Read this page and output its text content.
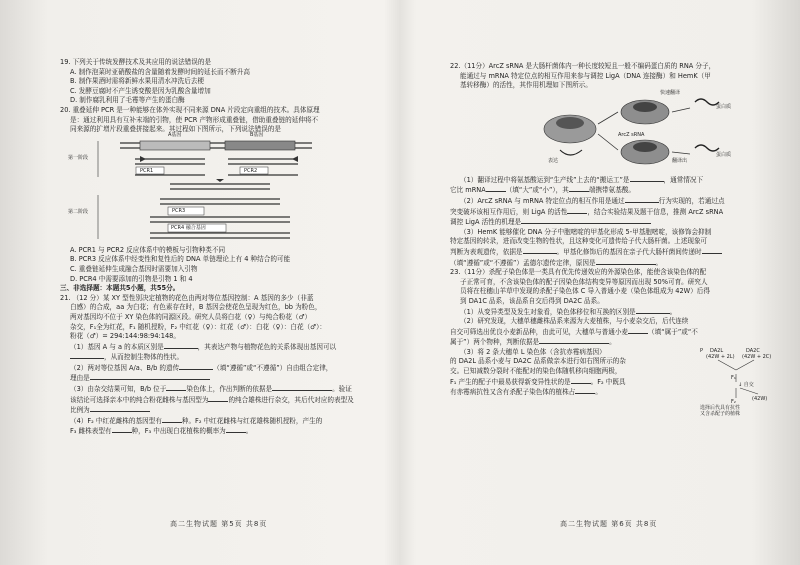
19. 下列关于传统发酵技术及其应用的说法错误的是

A. 制作泡菜时亚硝酸盐的含量随着发酵时间的延长而不断升高

B. 制作果酒时需将新鲜水果用清水冲洗后去梗

C. 发酵豆腐时不产生诱变酸是因为乳酸含量增加

D. 制作腐乳利用了毛霉等产生的蛋白酶

20. 重叠延伸 PCR 是一种能够在体外实现不同来源 DNA 片段定向重组的技术。具体原理

是：通过利用具有互补末端的引物，使 PCR 产物形成重叠链，借助重叠链的延伸将不

同来源的扩增片段重叠拼接起来。其过程如下图所示，下列说法错误的是

A基因	B基因
第一阶段
第二阶段
PCR1	PCR2
PCR3
PCR4 融合基因

A. PCR1 与 PCR2 反应体系中的模板与引物种类不同

B. PCR3 反应体系中经变性和复性后的 DNA 单链理论上有 4 种结合的可能

C. 重叠链延伸生成融合基因时需要加入引物

D. PCR4 中需要添加的引物是引物 1 和 4

三、非选择题：本题共5小题，共55分。

21. （12 分）某 XY 型性别决定植物的花色由两对等位基因控制：A 基因的多少（非蓝

白感）的合成，aa 为白花；有色素存在时，B 基因会使花色呈现为红色，bb 为粉色，

两对基因均不位于 XY 染色体的同源区段。研究人员将白花（♀）与纯合粉花（♂）

杂交，F₁全为红花，F₁ 随机授粉，F₂ 中红花（♀）：红花（♂）：白花（♀）：白花（♂）：

粉花（♂）= 294:144:98:94:148。

（1）基因 A 与 a 的本质区别是	，其表达产物与植物花色的关系体现出基因可以

，从而控制生物体的性状。

（2）两对等位基因 A/a、B/b 的遗传	（填“遵循”或“不遵循”）自由组合定律，

理由是

（3）由杂交结果可知，B/b 位于	染色体上，作出判断的依据是	。验证

该结论可选择亲本中的纯合粉花雌株与基因型为	的纯合雄株进行杂交，其后代对应的表型及

比例为

（4）F₂ 中红花雌株的基因型有	种。F₂ 中红花雌株与红花雄株随机授粉，产生的

F₃ 雌株表型有	种，F₃ 中出现白花植株的概率为	。

高二生物试题 第5页 共8页

22.（11分）ArcZ sRNA 是大肠杆菌体内一种长度较短且一般不编码蛋白质的 RNA 分子，

能通过与 mRNA 特定位点的相互作用来参与调控 LigA（DNA 连接酶）和 HemK（甲

基转移酶）的活性，其作用机理如下图所示。

快速翻译
蛋白质
ArcZ sRNA
表达	翻译出
蛋白质

（1）翻译过程中将氨基酸运到“生产线”上去的“搬运工”是	，通常情况下

它比 mRNA	（填“大”或“小”），其	端携带氨基酸。

（2）ArcZ sRNA 与 mRNA 特定位点的相互作用是通过	行为实现的，若通过点

突变破坏该相互作用后，则 LigA 的活性	，结合实验结果及题干信息，推测 ArcZ sRNA

调控 LigA 活性的机理是

（3）HemK 能够催化 DNA 分子中胞嘧啶的甲基化形成 5-甲基胞嘧啶，该修饰会抑制

特定基因的转录，进而改变生物的性状，且这种变化可遗传给子代大肠杆菌。上述现象可

判断为表观遗传，依据是	。甲基化修饰后的基因在亲子代大肠杆菌间传递时

（填“遵循”或“不遵循”）孟德尔遗传定律，原因是	。

23.（11分）杀配子染色体是一类具有优先传递效应的外源染色体，能使含该染色体的配

子正常可育，不含该染色体的配子因染色体结构变异等原因而出现 50%可育。研究人

员将在柱穗山羊草中发现的杀配子染色体 C 导入普通小麦（染色体组成为 42W）后得

到 DA1C 品系，该品系自交后得到 DA2C 品系。

（1）从变异类型及发生对象看，染色体移位和互换的区别是	。

（2）研究发现，大穗单穗雌株品系来源为大麦植株，与小麦杂交后，后代连续

自交可筛选出优良小麦新品种，由此可见，大穗单与普通小麦	（填“属于”或“不

属于”）两个物种，判断依据是	。

（3）将 2 条大穗单 L 染色体（含抗赤霉病基因）

的 DA2L 品系小麦与 DA2C 品系做亲本进行如右图所示的杂

交。已知减数分裂时不能配对的染色体随机移向细胞两极，

F₁ 产生的配子中最易获得新变异性状的是	。F₂ 中既具

有赤霉病抗性又含有杀配子染色体的植株占	。

P DA2L
(42W + 2L)
DA2C
(42W + 2C)
F₁
↓ 自交
(42W)
F₂
选择后代具有抗性
又含杀配子的植株
高二生物试题 第6页 共8页
